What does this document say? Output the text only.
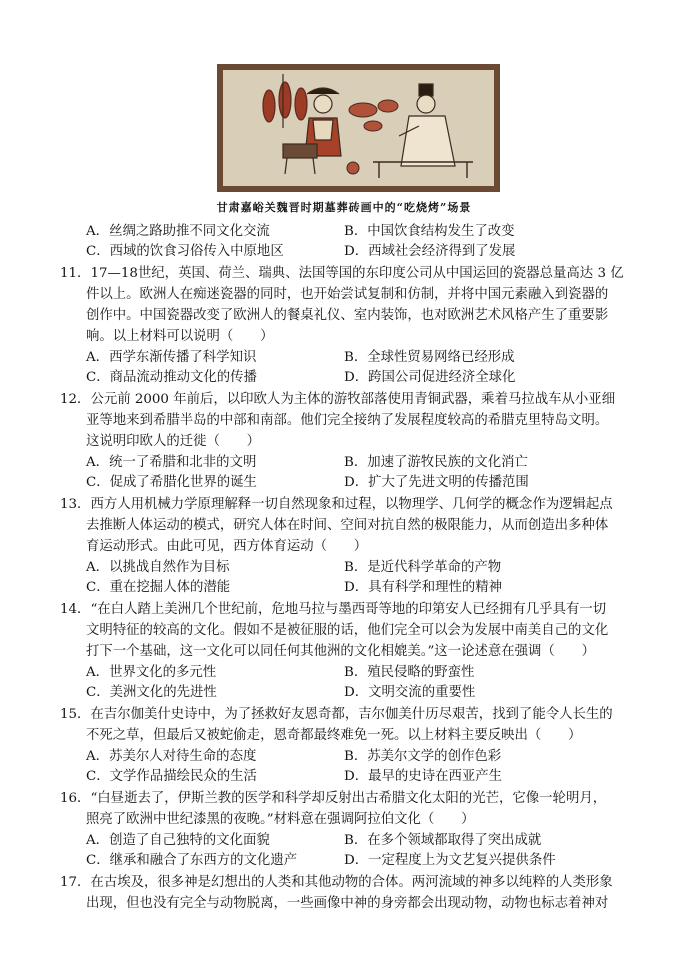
甘肃嘉峪关魏晋时期墓葬砖画中的“吃烧烤”场景
A．丝绸之路助推不同文化交流	B．中国饮食结构发生了改变
C．西域的饮食习俗传入中原地区	D．西域社会经济得到了发展
11．17—18世纪，英国、荷兰、瑞典、法国等国的东印度公司从中国运回的瓷器总量高达 3 亿
件以上。欧洲人在痴迷瓷器的同时，也开始尝试复制和仿制，并将中国元素融入到瓷器的
创作中。中国瓷器改变了欧洲人的餐桌礼仪、室内装饰，也对欧洲艺术风格产生了重要影
响。以上材料可以说明（　　）
A．西学东渐传播了科学知识	B．全球性贸易网络已经形成
C．商品流动推动文化的传播	D．跨国公司促进经济全球化
12．公元前 2000 年前后，以印欧人为主体的游牧部落使用青铜武器，乘着马拉战车从小亚细
亚等地来到希腊半岛的中部和南部。他们完全接纳了发展程度较高的希腊克里特岛文明。
这说明印欧人的迁徙（　　）
A．统一了希腊和北非的文明	B．加速了游牧民族的文化消亡
C．促成了希腊化世界的诞生	D．扩大了先进文明的传播范围
13．西方人用机械力学原理解释一切自然现象和过程，以物理学、几何学的概念作为逻辑起点
去推断人体运动的模式，研究人体在时间、空间对抗自然的极限能力，从而创造出多种体
育运动形式。由此可见，西方体育运动（　　）
A．以挑战自然作为目标	B．是近代科学革命的产物
C．重在挖掘人体的潜能	D．具有科学和理性的精神
14．“在白人踏上美洲几个世纪前，危地马拉与墨西哥等地的印第安人已经拥有几乎具有一切
文明特征的较高的文化。假如不是被征服的话，他们完全可以会为发展中南美自己的文化
打下一个基础，这一文化可以同任何其他洲的文化相媲美。”这一论述意在强调（　　）
A．世界文化的多元性	B．殖民侵略的野蛮性
C．美洲文化的先进性	D．文明交流的重要性
15．在吉尔伽美什史诗中，为了拯救好友恩奇都，吉尔伽美什历尽艰苦，找到了能令人长生的
不死之草，但最后又被蛇偷走，恩奇都最终难免一死。以上材料主要反映出（　　）
A．苏美尔人对待生命的态度	B．苏美尔文学的创作色彩
C．文学作品描绘民众的生活	D．最早的史诗在西亚产生
16．“白昼逝去了，伊斯兰教的医学和科学却反射出古希腊文化太阳的光芒，它像一轮明月，
照亮了欧洲中世纪漆黑的夜晚。”材料意在强调阿拉伯文化（　　）
A．创造了自己独特的文化面貌	B．在多个领域都取得了突出成就
C．继承和融合了东西方的文化遗产	D．一定程度上为文艺复兴提供条件
17．在古埃及，很多神是幻想出的人类和其他动物的合体。两河流域的神多以纯粹的人类形象
出现，但也没有完全与动物脱离，一些画像中神的身旁都会出现动物，动物也标志着神对
